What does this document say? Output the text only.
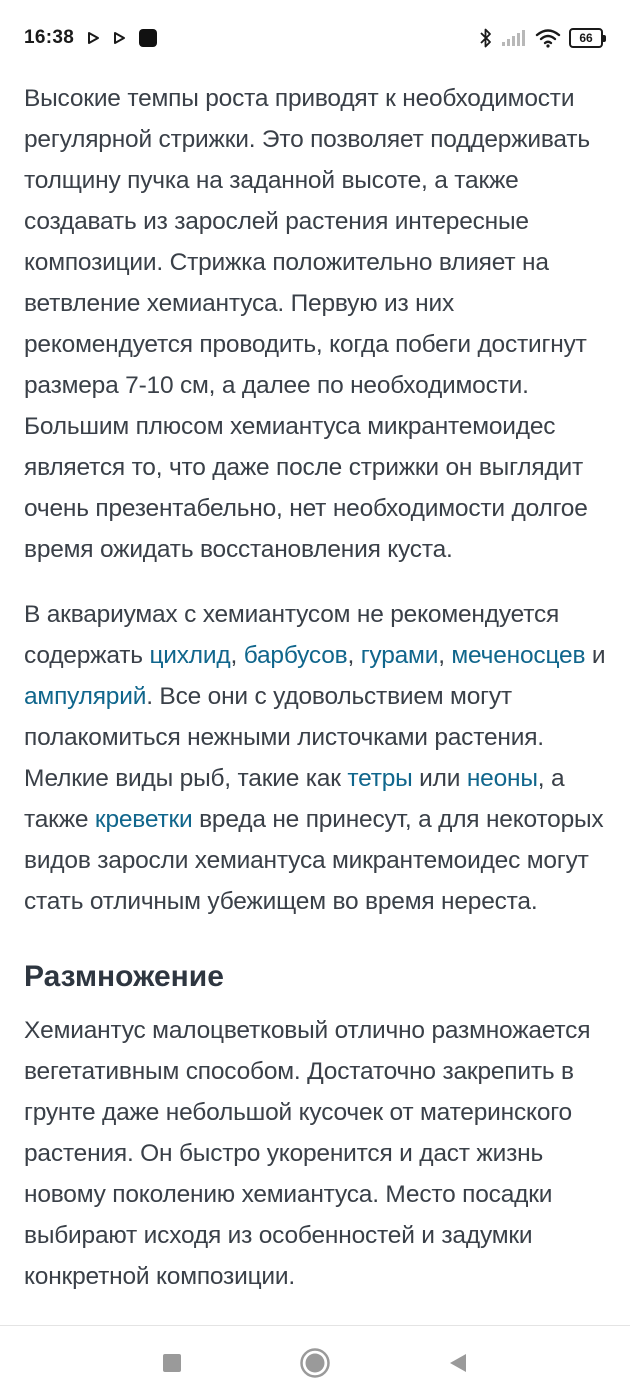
16:38	66

Высокие темпы роста приводят к необходимости регулярной стрижки. Это позволяет поддерживать толщину пучка на заданной высоте, а также создавать из зарослей растения интересные композиции. Стрижка положительно влияет на ветвление хемиантуса. Первую из них рекомендуется проводить, когда побеги достигнут размера 7-10 см, а далее по необходимости. Большим плюсом хемиантуса микрантемоидес является то, что даже после стрижки он выглядит очень презентабельно, нет необходимости долгое время ожидать восстановления куста.

В аквариумах с хемиантусом не рекомендуется содержать цихлид, барбусов, гурами, меченосцев и ампулярий. Все они с удовольствием могут полакомиться нежными листочками растения. Мелкие виды рыб, такие как тетры или неоны, а также креветки вреда не принесут, а для некоторых видов заросли хемиантуса микрантемоидес могут стать отличным убежищем во время нереста.

Размножение

Хемиантус малоцветковый отлично размножается вегетативным способом. Достаточно закрепить в грунте даже небольшой кусочек от материнского растения. Он быстро укоренится и даст жизнь новому поколению хемиантуса. Место посадки выбирают исходя из особенностей и задумки конкретной композиции.
